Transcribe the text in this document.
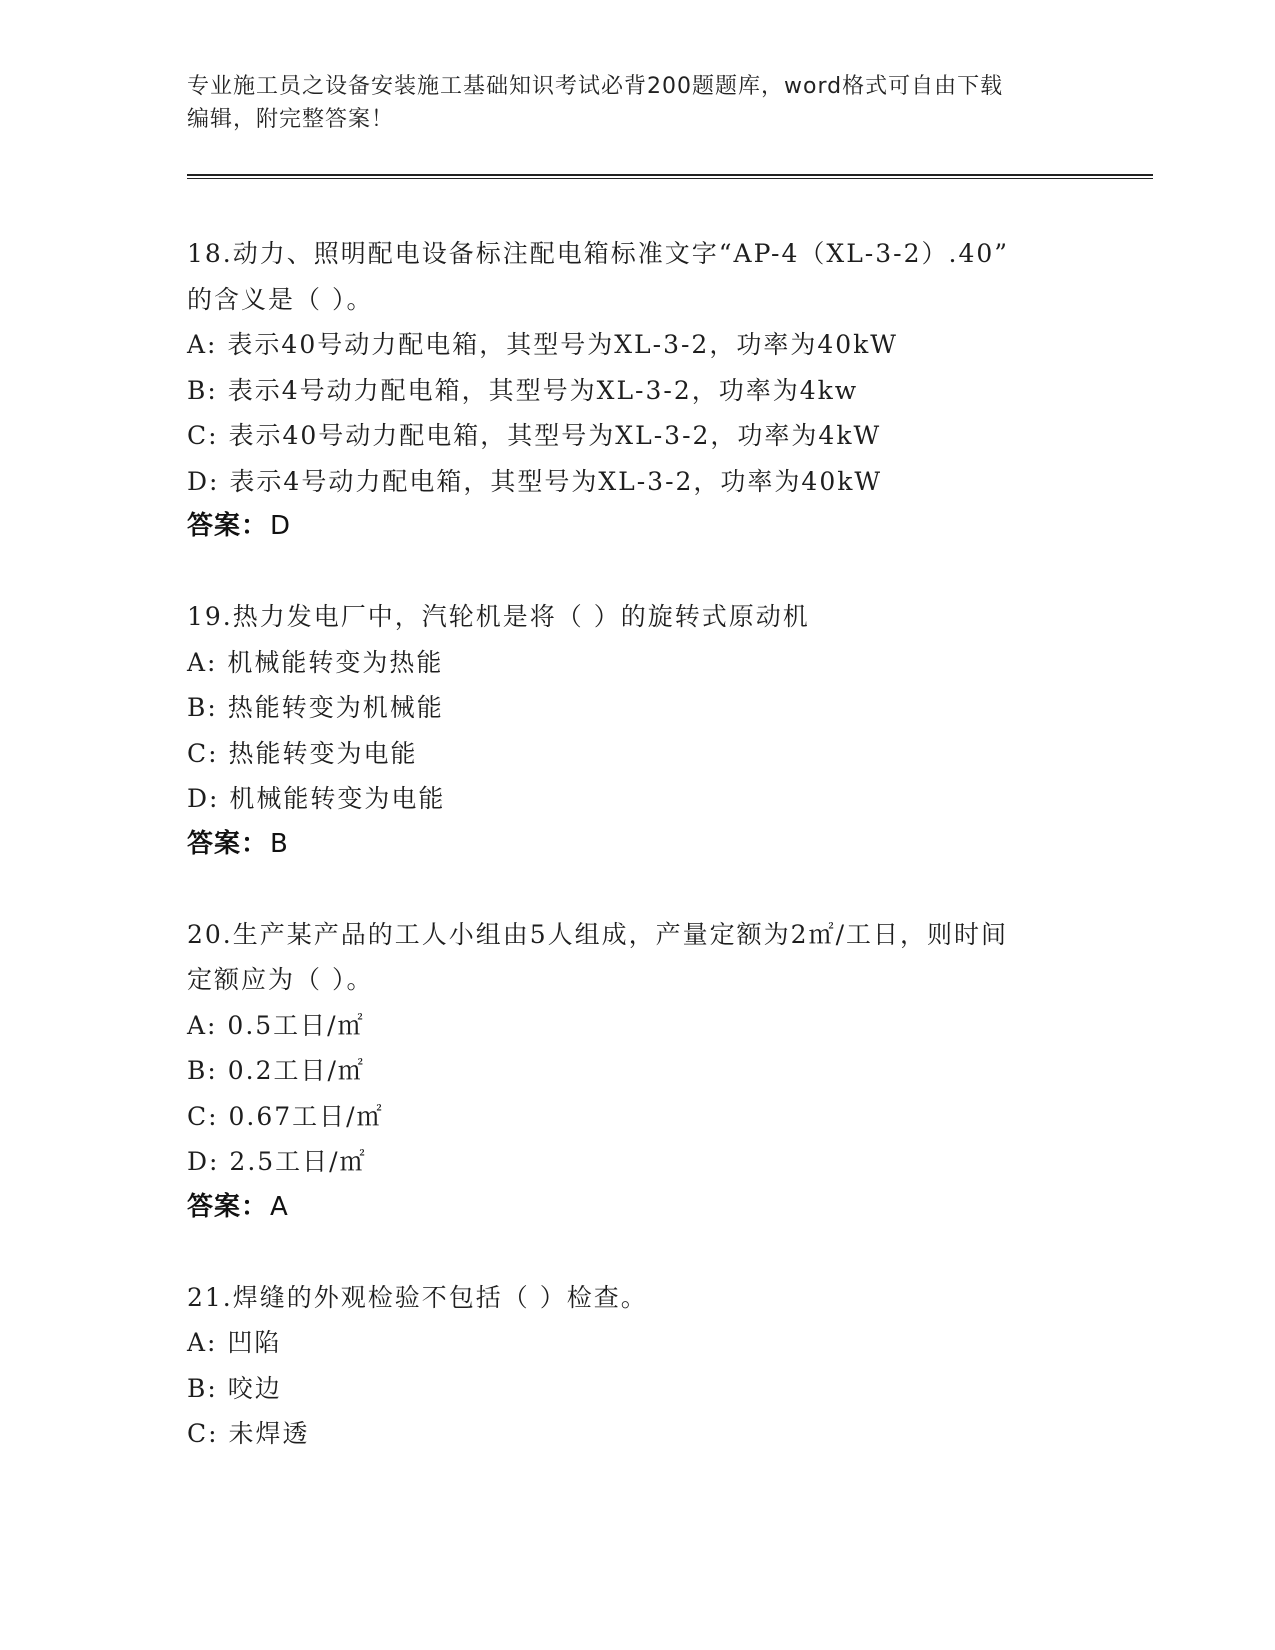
专业施工员之设备安装施工基础知识考试必背200题题库，word格式可自由下载
编辑，附完整答案！
18.动力、照明配电设备标注配电箱标准文字“AP-4（XL-3-2）.40”
的含义是（ ）。
A: 表示40号动力配电箱，其型号为XL-3-2，功率为40kW
B: 表示4号动力配电箱，其型号为XL-3-2，功率为4kw
C: 表示40号动力配电箱，其型号为XL-3-2，功率为4kW
D: 表示4号动力配电箱，其型号为XL-3-2，功率为40kW
答案：D
19.热力发电厂中，汽轮机是将（ ）的旋转式原动机
A: 机械能转变为热能
B: 热能转变为机械能
C: 热能转变为电能
D: 机械能转变为电能
答案：B
20.生产某产品的工人小组由5人组成，产量定额为2㎡/工日，则时间
定额应为（ ）。
A: 0.5工日/㎡
B: 0.2工日/㎡
C: 0.67工日/㎡
D: 2.5工日/㎡
答案：A
21.焊缝的外观检验不包括（ ）检查。
A: 凹陷
B: 咬边
C: 未焊透
